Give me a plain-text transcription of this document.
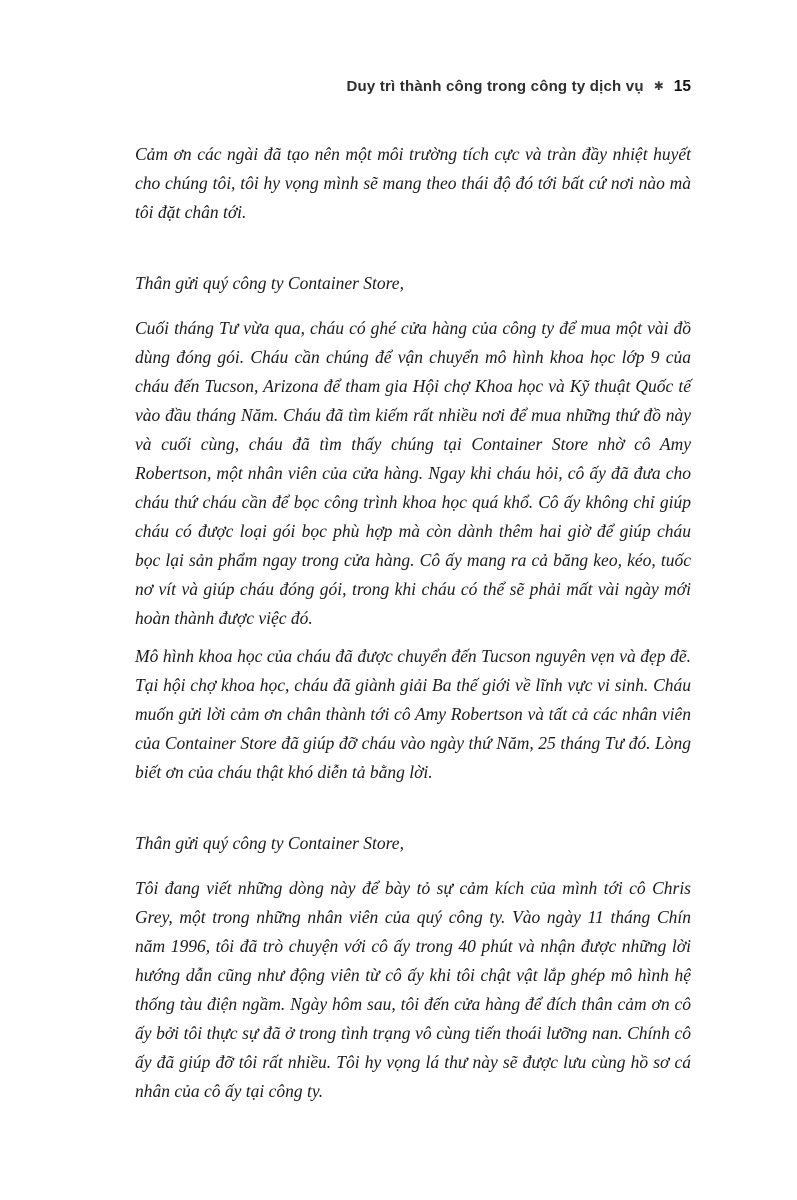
Duy trì thành công trong công ty dịch vụ ✱ 15

Cảm ơn các ngài đã tạo nên một môi trường tích cực và tràn đầy nhiệt huyết cho chúng tôi, tôi hy vọng mình sẽ mang theo thái độ đó tới bất cứ nơi nào mà tôi đặt chân tới.

Thân gửi quý công ty Container Store,

Cuối tháng Tư vừa qua, cháu có ghé cửa hàng của công ty để mua một vài đồ dùng đóng gói. Cháu cần chúng để vận chuyển mô hình khoa học lớp 9 của cháu đến Tucson, Arizona để tham gia Hội chợ Khoa học và Kỹ thuật Quốc tế vào đầu tháng Năm. Cháu đã tìm kiếm rất nhiều nơi để mua những thứ đồ này và cuối cùng, cháu đã tìm thấy chúng tại Container Store nhờ cô Amy Robertson, một nhân viên của cửa hàng. Ngay khi cháu hỏi, cô ấy đã đưa cho cháu thứ cháu cần để bọc công trình khoa học quá khổ. Cô ấy không chỉ giúp cháu có được loại gói bọc phù hợp mà còn dành thêm hai giờ để giúp cháu bọc lại sản phẩm ngay trong cửa hàng. Cô ấy mang ra cả băng keo, kéo, tuốc nơ vít và giúp cháu đóng gói, trong khi cháu có thể sẽ phải mất vài ngày mới hoàn thành được việc đó.

Mô hình khoa học của cháu đã được chuyển đến Tucson nguyên vẹn và đẹp đẽ. Tại hội chợ khoa học, cháu đã giành giải Ba thế giới về lĩnh vực vi sinh. Cháu muốn gửi lời cảm ơn chân thành tới cô Amy Robertson và tất cả các nhân viên của Container Store đã giúp đỡ cháu vào ngày thứ Năm, 25 tháng Tư đó. Lòng biết ơn của cháu thật khó diễn tả bằng lời.

Thân gửi quý công ty Container Store,

Tôi đang viết những dòng này để bày tỏ sự cảm kích của mình tới cô Chris Grey, một trong những nhân viên của quý công ty. Vào ngày 11 tháng Chín năm 1996, tôi đã trò chuyện với cô ấy trong 40 phút và nhận được những lời hướng dẫn cũng như động viên từ cô ấy khi tôi chật vật lắp ghép mô hình hệ thống tàu điện ngầm. Ngày hôm sau, tôi đến cửa hàng để đích thân cảm ơn cô ấy bởi tôi thực sự đã ở trong tình trạng vô cùng tiến thoái lưỡng nan. Chính cô ấy đã giúp đỡ tôi rất nhiều. Tôi hy vọng lá thư này sẽ được lưu cùng hồ sơ cá nhân của cô ấy tại công ty.
